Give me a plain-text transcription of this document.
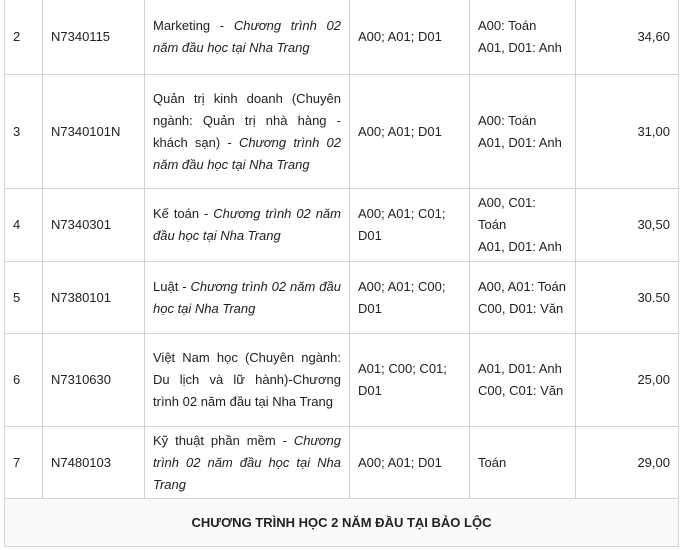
2	N7340115	Marketing - Chương trình 02 năm đầu học tại Nha Trang	A00; A01; D01	A00: Toán
A01, D01: Anh	34,60
3	N7340101N	Quản trị kinh doanh (Chuyên ngành: Quản trị nhà hàng - khách sạn) - Chương trình 02 năm đầu học tại Nha Trang	A00; A01; D01	A00: Toán
A01, D01: Anh	31,00
4	N7340301	Kế toán - Chương trình 02 năm đầu học tại Nha Trang	A00; A01; C01; D01	A00, C01: Toán
A01, D01: Anh	30,50
5	N7380101	Luật - Chương trình 02 năm đầu học tại Nha Trang	A00; A01; C00; D01	A00, A01: Toán
C00, D01: Văn	30.50
6	N7310630	Việt Nam học (Chuyên ngành: Du lịch và lữ hành)-Chương trình 02 năm đầu tại Nha Trang	A01; C00; C01; D01	A01, D01: Anh
C00, C01: Văn	25,00
7	N7480103	Kỹ thuật phần mềm - Chương trình 02 năm đầu học tại Nha Trang	A00; A01; D01	Toán	29,00
CHƯƠNG TRÌNH HỌC 2 NĂM ĐẦU TẠI BẢO LỘC					
